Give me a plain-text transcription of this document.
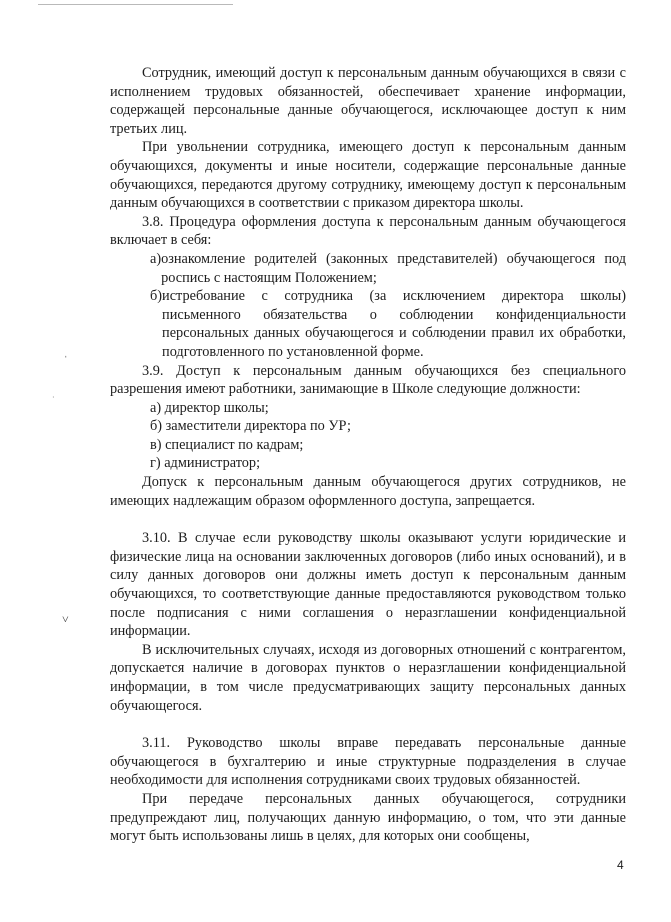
ˈ
·
˅

Сотрудник, имеющий доступ к персональным данным обучающихся в связи с исполнением трудовых обязанностей, обеспечивает хранение информации, содержащей персональные данные обучающегося, исключающее доступ к ним третьих лиц.

При увольнении сотрудника, имеющего доступ к персональным данным обучающихся, документы и иные носители, содержащие персональные данные обучающихся, передаются другому сотруднику, имеющему доступ к персональным данным обучающихся в соответствии с приказом директора школы.

3.8. Процедура оформления доступа к персональным данным обучающегося включает в себя:

а) ознакомление родителей (законных представителей) обучающегося под роспись с настоящим Положением;
б) истребование с сотрудника (за исключением директора школы) письменного обязательства о соблюдении конфиденциальности персональных данных обучающегося и соблюдении правил их обработки, подготовленного по установленной форме.

3.9. Доступ к персональным данным обучающихся без специального разрешения имеют работники, занимающие в Школе следующие должности:

а) директор школы;

б) заместители директора по УР;

в) специалист по кадрам;

г) администратор;

Допуск к персональным данным обучающегося других сотрудников, не имеющих надлежащим образом оформленного доступа, запрещается.

3.10. В случае если руководству школы оказывают услуги юридические и физические лица на основании заключенных договоров (либо иных оснований), и в силу данных договоров они должны иметь доступ к персональным данным обучающихся, то соответствующие данные предоставляются руководством только после подписания с ними соглашения о неразглашении конфиденциальной информации.

В исключительных случаях, исходя из договорных отношений с контрагентом, допускается наличие в договорах пунктов о неразглашении конфиденциальной информации, в том числе предусматривающих защиту персональных данных обучающегося.

3.11. Руководство школы вправе передавать персональные данные обучающегося в бухгалтерию и иные структурные подразделения в случае необходимости для исполнения сотрудниками своих трудовых обязанностей.

При передаче персональных данных обучающегося, сотрудники предупреждают лиц, получающих данную информацию, о том, что эти данные могут быть использованы лишь в целях, для которых они сообщены,

4
